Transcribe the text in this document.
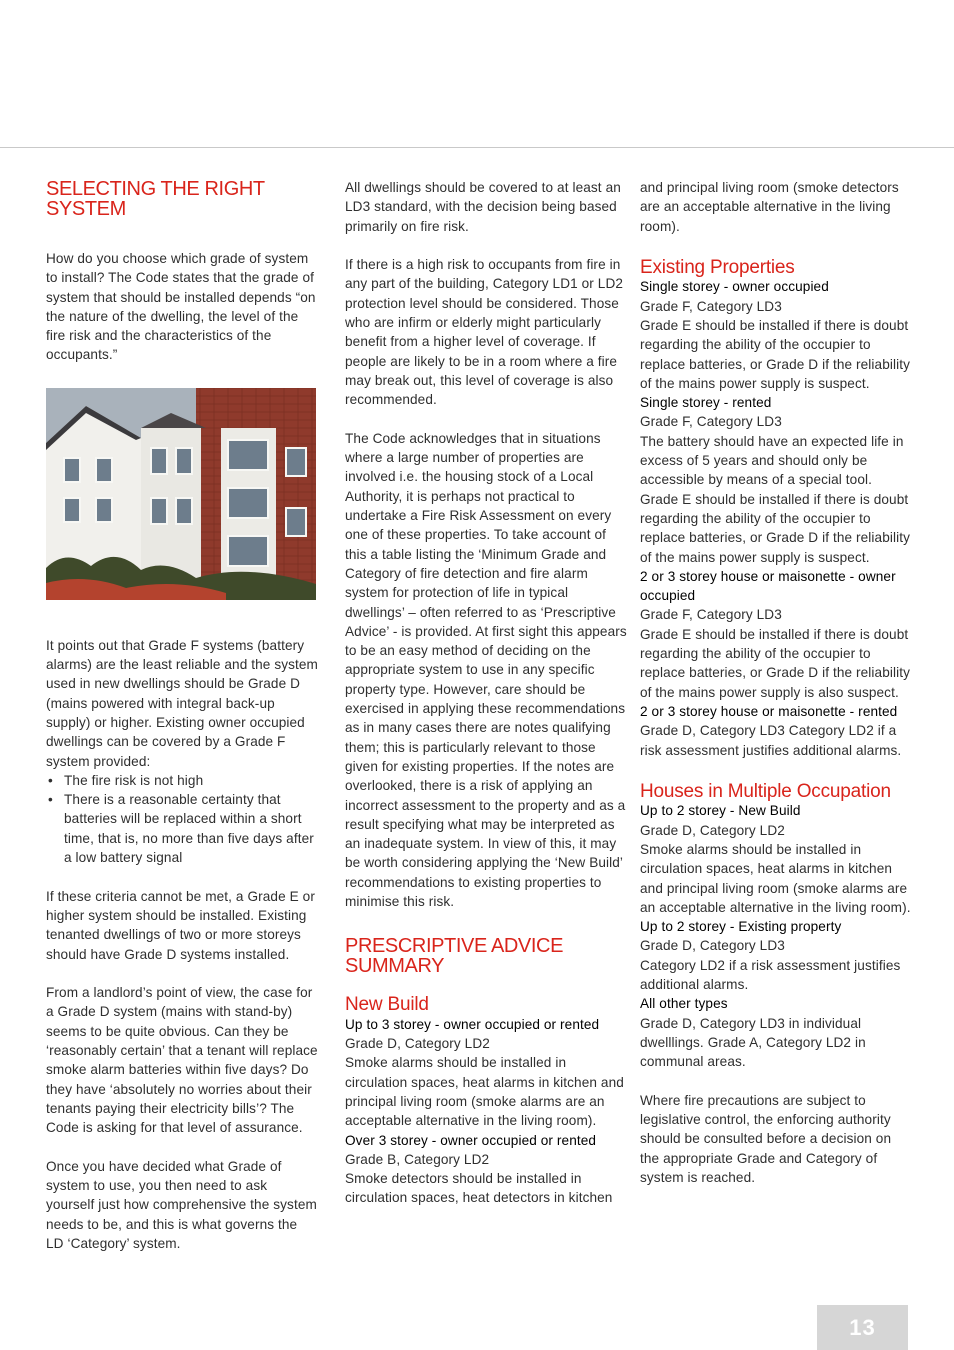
SELECTING THE RIGHT SYSTEM

How do you choose which grade of system to install? The Code states that the grade of system that should be installed depends “on the nature of the dwelling, the level of the fire risk and the characteristics of the occupants.”

It points out that Grade F systems (battery alarms) are the least reliable and the system used in new dwellings should be Grade D (mains powered with integral back-up supply) or higher. Existing owner occupied dwellings can be covered by a Grade F system provided:

• The fire risk is not high
• There is a reasonable certainty that batteries will be replaced within a short time, that is, no more than five days after a low battery signal

If these criteria cannot be met, a Grade E or higher system should be installed. Existing tenanted dwellings of two or more storeys should have Grade D systems installed.

From a landlord’s point of view, the case for a Grade D system (mains with stand-by) seems to be quite obvious. Can they be ‘reasonably certain’ that a tenant will replace smoke alarm batteries within five days? Do they have ‘absolutely no worries about their tenants paying their electricity bills’? The Code is asking for that level of assurance.

Once you have decided what Grade of system to use, you then need to ask yourself just how comprehensive the system needs to be, and this is what governs the LD ‘Category’ system.

All dwellings should be covered to at least an LD3 standard, with the decision being based primarily on fire risk.

If there is a high risk to occupants from fire in any part of the building, Category LD1 or LD2 protection level should be considered. Those who are infirm or elderly might particularly benefit from a higher level of coverage. If people are likely to be in a room where a fire may break out, this level of coverage is also recommended.

The Code acknowledges that in situations where a large number of properties are involved i.e. the housing stock of a Local Authority, it is perhaps not practical to undertake a Fire Risk Assessment on every one of these properties. To take account of this a table listing the ‘Minimum Grade and Category of fire detection and fire alarm system for protection of life in typical dwellings’ – often referred to as ‘Prescriptive Advice’ - is provided. At first sight this appears to be an easy method of deciding on the appropriate system to use in any specific property type. However, care should be exercised in applying these recommendations as in many cases there are notes qualifying them; this is particularly relevant to those given for existing properties. If the notes are overlooked, there is a risk of applying an incorrect assessment to the property and as a result specifying what may be interpreted as an inadequate system. In view of this, it may be worth considering applying the ‘New Build’ recommendations to existing properties to minimise this risk.

PRESCRIPTIVE ADVICE SUMMARY
New Build

Up to 3 storey - owner occupied or rented

Grade D, Category LD2

Smoke alarms should be installed in circulation spaces, heat alarms in kitchen and principal living room (smoke alarms are an acceptable alternative in the living room).

Over 3 storey - owner occupied or rented

Grade B, Category LD2

Smoke detectors should be installed in circulation spaces, heat detectors in kitchen

and principal living room (smoke detectors are an acceptable alternative in the living room).

Existing Properties

Single storey - owner occupied

Grade F, Category LD3

Grade E should be installed if there is doubt regarding the ability of the occupier to replace batteries, or Grade D if the reliability of the mains power supply is suspect.

Single storey - rented

Grade F, Category LD3

The battery should have an expected life in excess of 5 years and should only be accessible by means of a special tool. Grade E should be installed if there is doubt regarding the ability of the occupier to replace batteries, or Grade D if the reliability of the mains power supply is suspect.

2 or 3 storey house or maisonette - owner occupied

Grade F, Category LD3

Grade E should be installed if there is doubt regarding the ability of the occupier to replace batteries, or Grade D if the reliability of the mains power supply is also suspect.

2 or 3 storey house or maisonette - rented Grade D, Category LD3 Category LD2 if a risk assessment justifies additional alarms.

Houses in Multiple Occupation

Up to 2 storey - New Build

Grade D, Category LD2

Smoke alarms should be installed in circulation spaces, heat alarms in kitchen and principal living room (smoke alarms are an acceptable alternative in the living room).

Up to 2 storey - Existing property

Grade D, Category LD3

Category LD2 if a risk assessment justifies additional alarms.

All other types

Grade D, Category LD3 in individual dwelllings. Grade A, Category LD2 in communal areas.

Where fire precautions are subject to legislative control, the enforcing authority should be consulted before a decision on the appropriate Grade and Category of system is reached.

13
